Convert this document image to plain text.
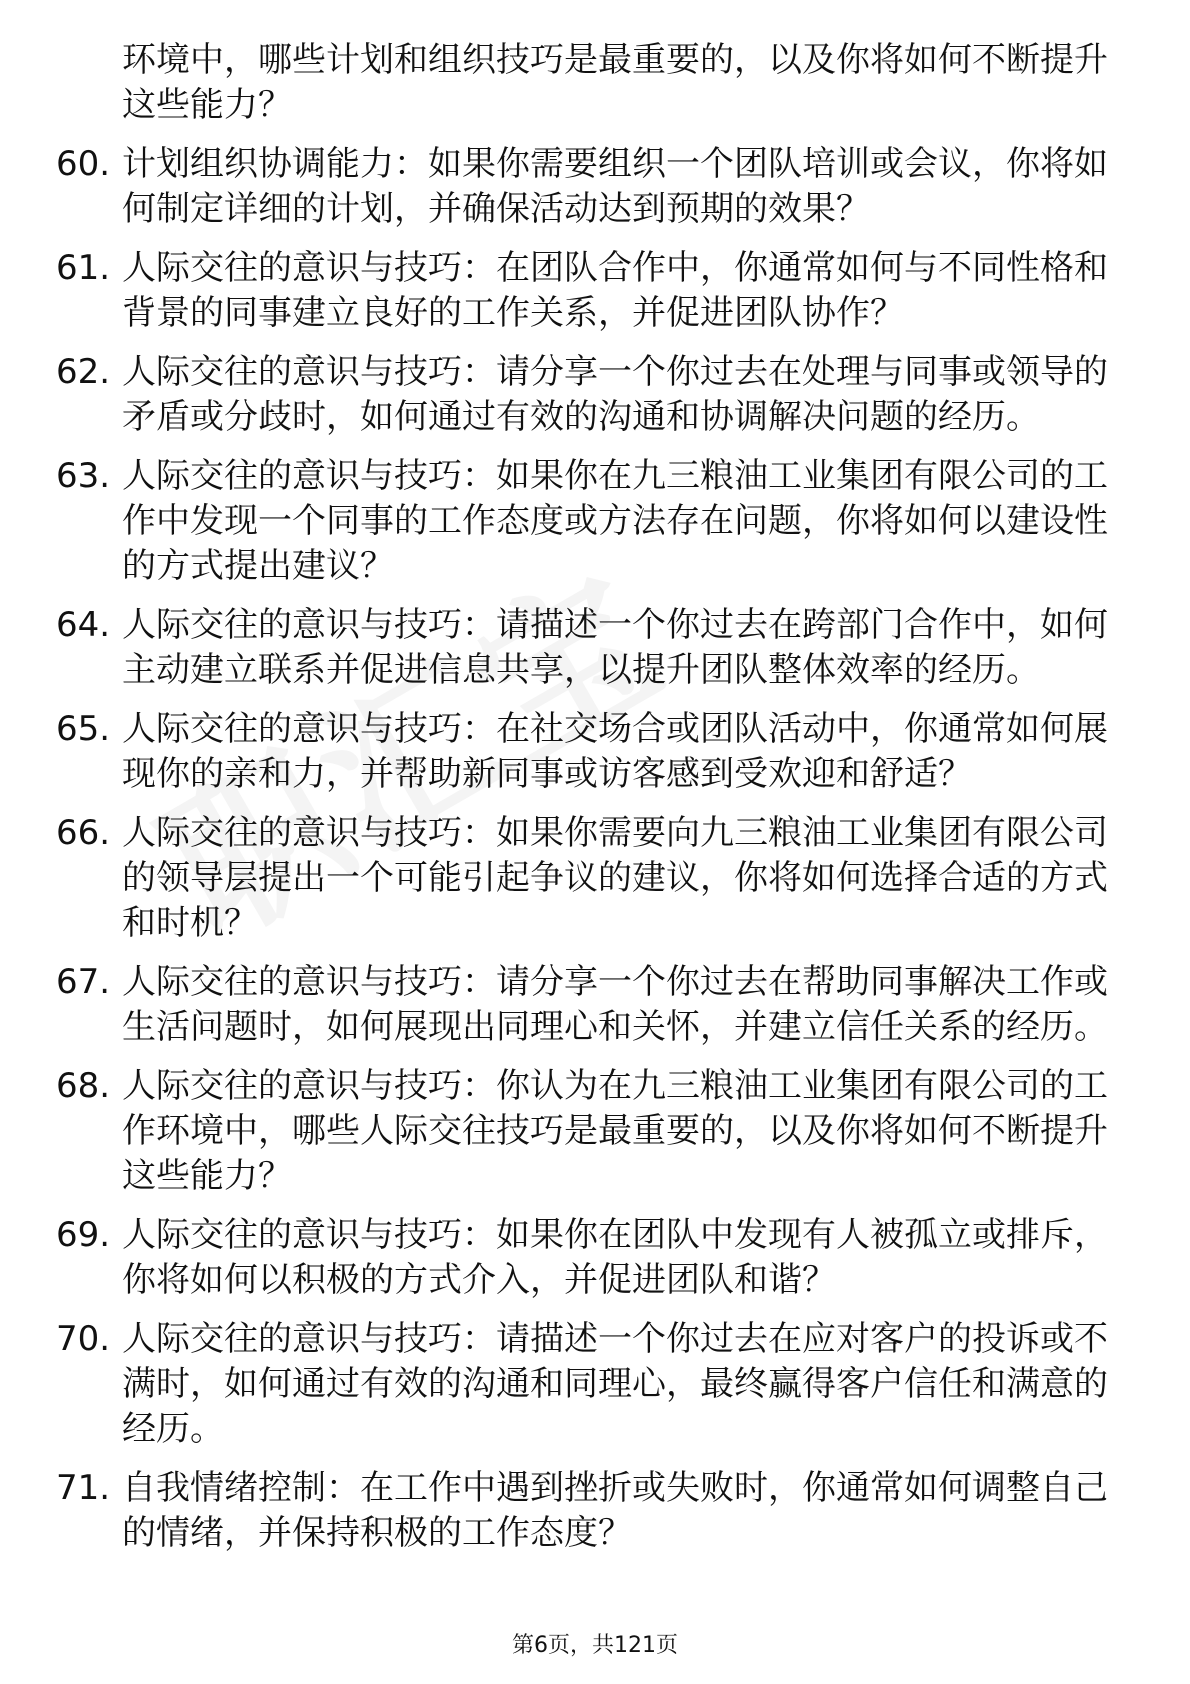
环境中，哪些计划和组织技巧是最重要的，以及你将如何不断提升这些能力？
60. 计划组织协调能力：如果你需要组织一个团队培训或会议，你将如何制定详细的计划，并确保活动达到预期的效果？
61. 人际交往的意识与技巧：在团队合作中，你通常如何与不同性格和背景的同事建立良好的工作关系，并促进团队协作？
62. 人际交往的意识与技巧：请分享一个你过去在处理与同事或领导的矛盾或分歧时，如何通过有效的沟通和协调解决问题的经历。
63. 人际交往的意识与技巧：如果你在九三粮油工业集团有限公司的工作中发现一个同事的工作态度或方法存在问题，你将如何以建设性的方式提出建议？
64. 人际交往的意识与技巧：请描述一个你过去在跨部门合作中，如何主动建立联系并促进信息共享，以提升团队整体效率的经历。
65. 人际交往的意识与技巧：在社交场合或团队活动中，你通常如何展现你的亲和力，并帮助新同事或访客感到受欢迎和舒适？
66. 人际交往的意识与技巧：如果你需要向九三粮油工业集团有限公司的领导层提出一个可能引起争议的建议，你将如何选择合适的方式和时机？
67. 人际交往的意识与技巧：请分享一个你过去在帮助同事解决工作或生活问题时，如何展现出同理心和关怀，并建立信任关系的经历。
68. 人际交往的意识与技巧：你认为在九三粮油工业集团有限公司的工作环境中，哪些人际交往技巧是最重要的，以及你将如何不断提升这些能力？
69. 人际交往的意识与技巧：如果你在团队中发现有人被孤立或排斥，你将如何以积极的方式介入，并促进团队和谐？
70. 人际交往的意识与技巧：请描述一个你过去在应对客户的投诉或不满时，如何通过有效的沟通和同理心，最终赢得客户信任和满意的经历。
71. 自我情绪控制：在工作中遇到挫折或失败时，你通常如何调整自己的情绪，并保持积极的工作态度？
第6页，共121页
